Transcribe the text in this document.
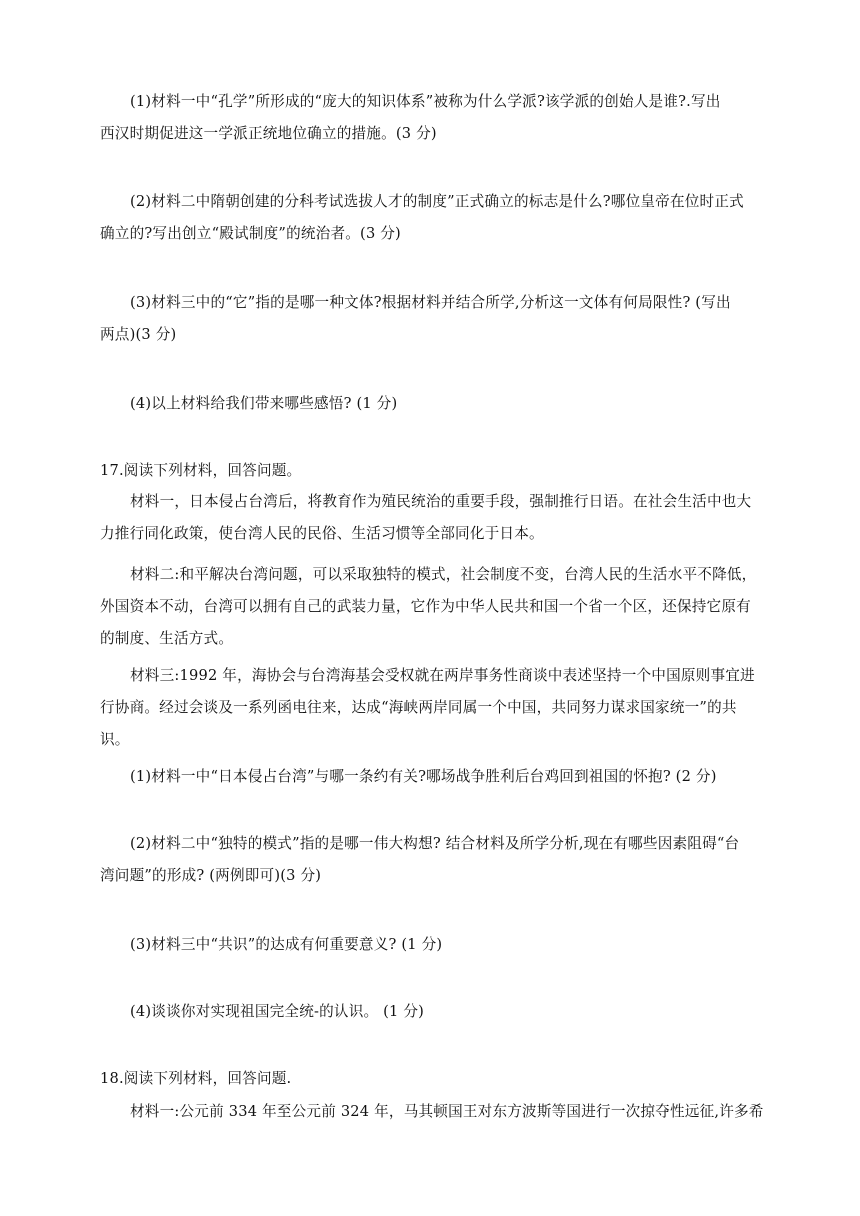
(1)材料一中“孔学”所形成的“庞大的知识体系”被称为什么学派?该学派的创始人是谁?.写出
西汉时期促进这一学派正统地位确立的措施。(3 分)
(2)材料二中隋朝创建的分科考试选拔人才的制度”正式确立的标志是什么?哪位皇帝在位时正式
确立的?写出创立“殿试制度”的统治者。(3 分)
(3)材料三中的“它”指的是哪一种文体?根据材料并结合所学,分析这一文体有何局限性? (写出
两点)(3 分)
(4)以上材料给我们带来哪些感悟? (1 分)
17.阅读下列材料，回答问题。
材料一，日本侵占台湾后，将教育作为殖民统治的重要手段，强制推行日语。在社会生活中也大
力推行同化政策，使台湾人民的民俗、生活习惯等全部同化于日本。
材料二:和平解决台湾问题，可以采取独特的模式，社会制度不变，台湾人民的生活水平不降低，
外国资本不动，台湾可以拥有自己的武装力量，它作为中华人民共和国一个省一个区，还保持它原有
的制度、生活方式。
材料三:1992 年，海协会与台湾海基会受权就在两岸事务性商谈中表述坚持一个中国原则事宜进
行协商。经过会谈及一系列函电往来，达成“海峡两岸同属一个中国，共同努力谋求国家统一”的共
识。
(1)材料一中“日本侵占台湾”与哪一条约有关?哪场战争胜利后台鸡回到祖国的怀抱? (2 分)
(2)材料二中“独特的模式”指的是哪一伟大构想? 结合材料及所学分析,现在有哪些因素阻碍“台
湾问题”的形成? (两例即可)(3 分)
(3)材料三中“共识”的达成有何重要意义? (1 分)
(4)谈谈你对实现祖国完全统-的认识。 (1 分)
18.阅读下列材料，回答问题.
材料一:公元前 334 年至公元前 324 年，马其顿国王对东方波斯等国进行一次掠夺性远征,许多希
